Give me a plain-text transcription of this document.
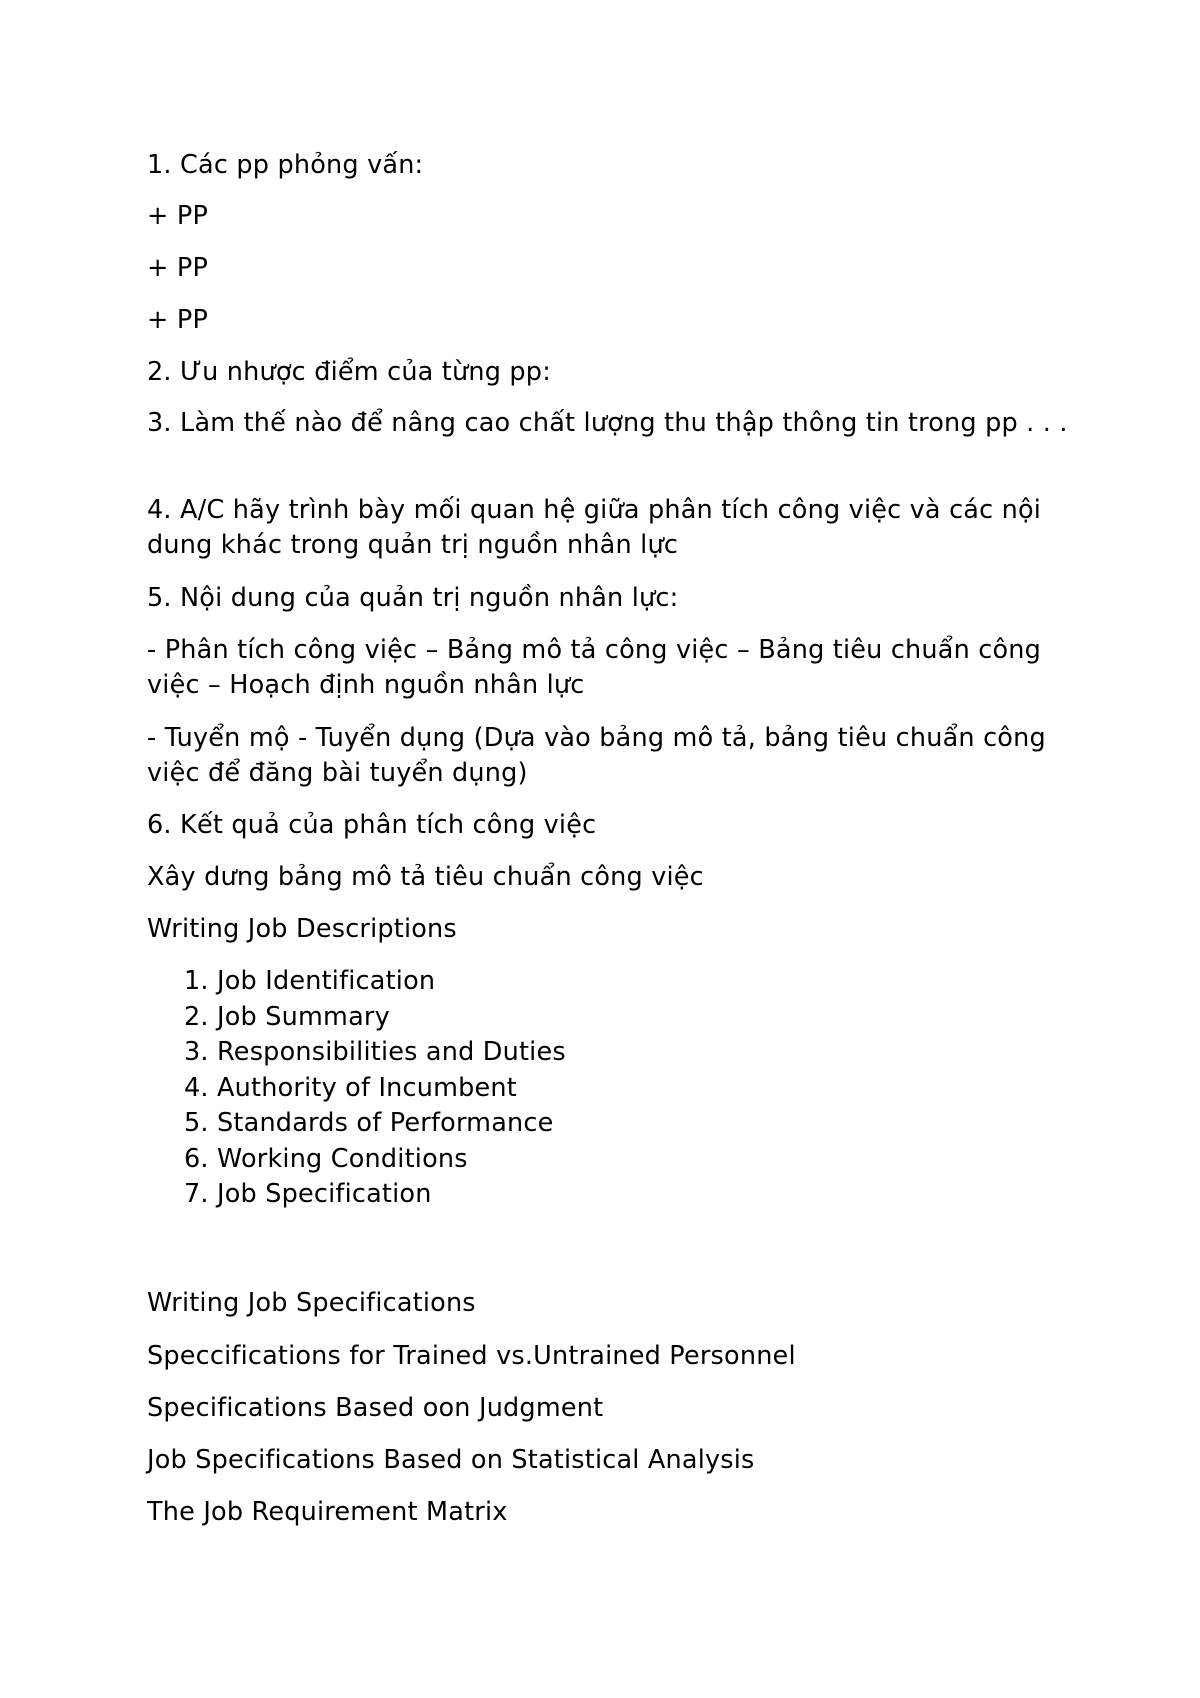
1. Các pp phỏng vấn:

+ PP

+ PP

+ PP

2. Ưu nhược điểm của từng pp:

3. Làm thế nào để nâng cao chất lượng thu thập thông tin trong pp . . .

4. A/C hãy trình bày mối quan hệ giữa phân tích công việc và các nội dung khác trong quản trị nguồn nhân lực

5. Nội dung của quản trị nguồn nhân lực:

- Phân tích công việc – Bảng mô tả công việc – Bảng tiêu chuẩn công việc – Hoạch định nguồn nhân lực

- Tuyển mộ - Tuyển dụng (Dựa vào bảng mô tả, bảng tiêu chuẩn công việc để đăng bài tuyển dụng)

6. Kết quả của phân tích công việc

Xây dưng bảng mô tả tiêu chuẩn công việc

Writing Job Descriptions

1. Job Identification
2. Job Summary
3. Responsibilities and Duties
4. Authority of Incumbent
5. Standards of Performance
6. Working Conditions
7. Job Specification

Writing Job Specifications

Speccifications for Trained vs.Untrained Personnel

Specifications Based oon Judgment

Job Specifications Based on Statistical Analysis

The Job Requirement Matrix
